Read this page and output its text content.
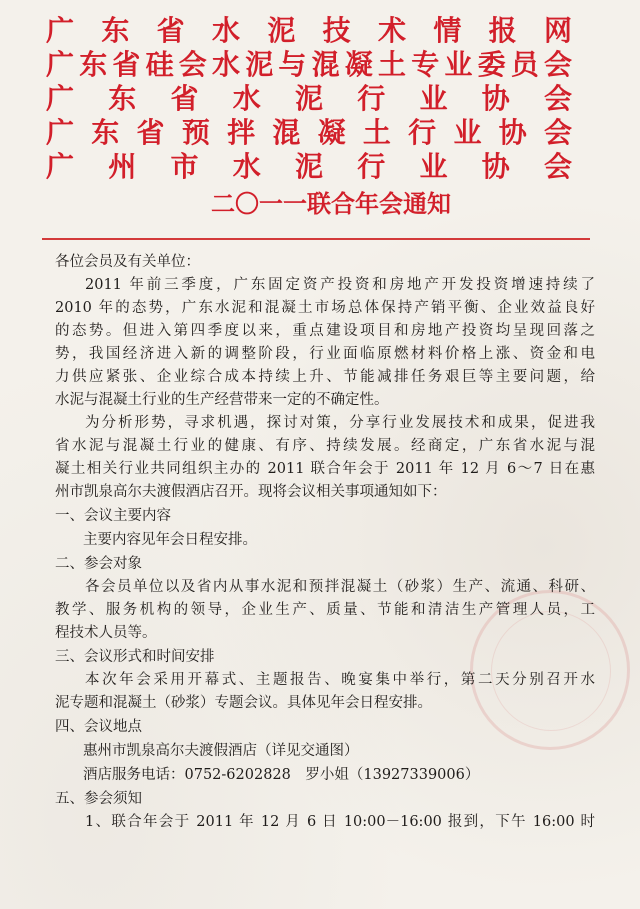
广东省水泥技术情报网
广东省硅会水泥与混凝土专业委员会
广东省水泥行业协会
广东省预拌混凝土行业协会
广州市水泥行业协会
二〇一一联合年会通知
各位会员及有关单位：
2011 年前三季度，广东固定资产投资和房地产开发投资增速持续了
2010 年的态势，广东水泥和混凝土市场总体保持产销平衡、企业效益良好
的态势。但进入第四季度以来，重点建设项目和房地产投资均呈现回落之
势，我国经济进入新的调整阶段，行业面临原燃材料价格上涨、资金和电
力供应紧张、企业综合成本持续上升、节能减排任务艰巨等主要问题，给
水泥与混凝土行业的生产经营带来一定的不确定性。
为分析形势，寻求机遇，探讨对策，分享行业发展技术和成果，促进我
省水泥与混凝土行业的健康、有序、持续发展。经商定，广东省水泥与混
凝土相关行业共同组织主办的 2011 联合年会于 2011 年 12 月 6～7 日在惠
州市凯泉高尔夫渡假酒店召开。现将会议相关事项通知如下：
一、会议主要内容
主要内容见年会日程安排。
二、参会对象
各会员单位以及省内从事水泥和预拌混凝土（砂浆）生产、流通、科研、
教学、服务机构的领导，企业生产、质量、节能和清洁生产管理人员，工
程技术人员等。
三、会议形式和时间安排
本次年会采用开幕式、主题报告、晚宴集中举行，第二天分别召开水
泥专题和混凝土（砂浆）专题会议。具体见年会日程安排。
四、会议地点
惠州市凯泉高尔夫渡假酒店（详见交通图）
酒店服务电话：0752-6202828　罗小姐（13927339006）
五、参会须知
1、联合年会于 2011 年 12 月 6 日 10:00－16:00 报到，下午 16:00 时
